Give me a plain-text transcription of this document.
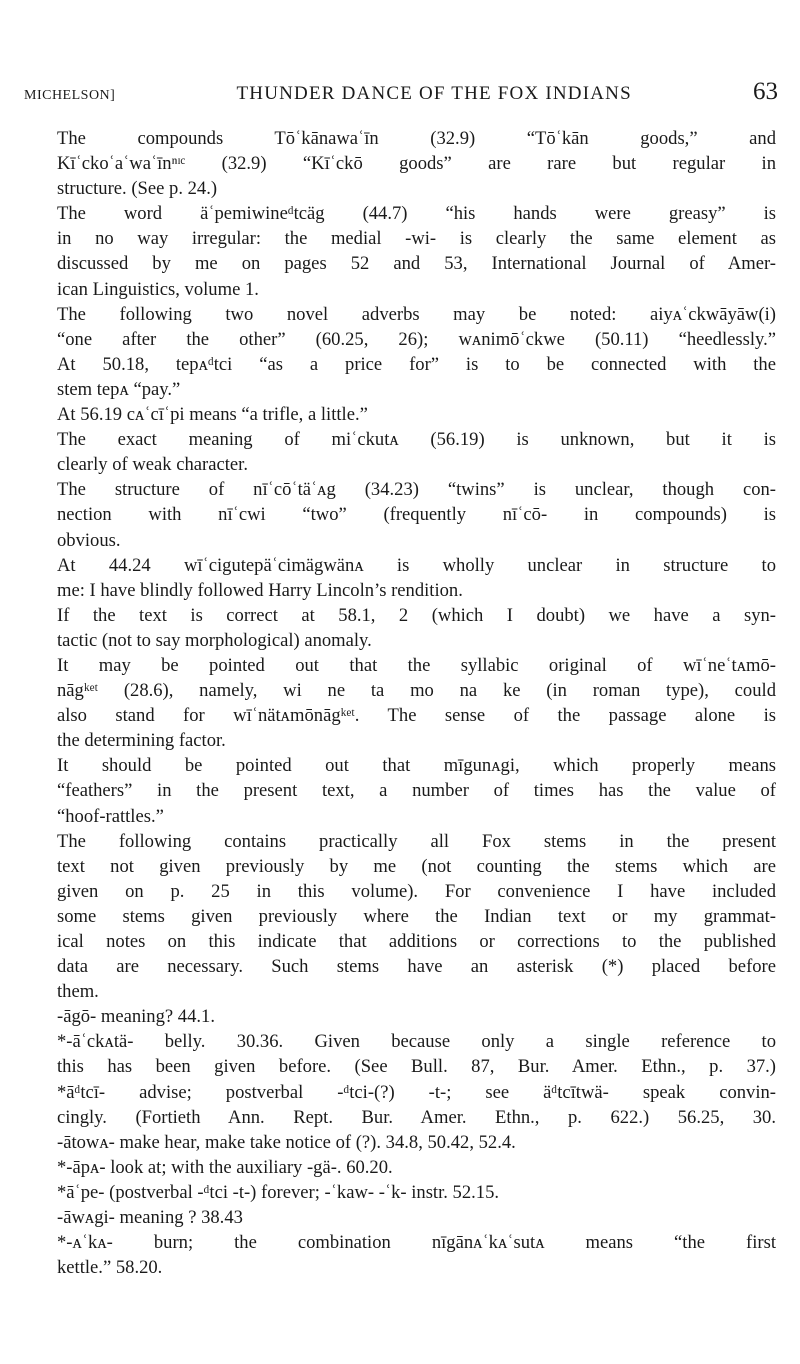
MICHELSON]	THUNDER DANCE OF THE FOX INDIANS	63
The compounds Tōʿkānawaʿīn (32.9) “Tōʿkān goods,” and
Kīʿckoʿaʿwaʿīnⁿᶦᶜ (32.9) “Kīʿckō goods” are rare but regular in
structure. (See p. 24.)
The word äʿpemiwineᵈtcäg (44.7) “his hands were greasy” is
in no way irregular: the medial -wi- is clearly the same element as
discussed by me on pages 52 and 53, International Journal of Amer-
ican Linguistics, volume 1.
The following two novel adverbs may be noted: aiyᴀʿckwāyāw(i)
“one after the other” (60.25, 26); wᴀnimōʿckwe (50.11) “heedlessly.”
At 50.18, tepᴀᵈtci “as a price for” is to be connected with the
stem tepᴀ “pay.”
At 56.19 cᴀʿcīʿpi means “a trifle, a little.”
The exact meaning of miʿckutᴀ (56.19) is unknown, but it is
clearly of weak character.
The structure of nīʿcōʿtäʿᴀg (34.23) “twins” is unclear, though con-
nection with nīʿcwi “two” (frequently nīʿcō- in compounds) is
obvious.
At 44.24 wīʿcigutepäʿcimägwänᴀ is wholly unclear in structure to
me: I have blindly followed Harry Lincoln’s rendition.
If the text is correct at 58.1, 2 (which I doubt) we have a syn-
tactic (not to say morphological) anomaly.
It may be pointed out that the syllabic original of wīʿneʿtᴀmō-
nāgᵏᵉᵗ (28.6), namely, wi ne ta mo na ke (in roman type), could
also stand for wīʿnätᴀmōnāgᵏᵉᵗ. The sense of the passage alone is
the determining factor.
It should be pointed out that mīgunᴀgi, which properly means
“feathers” in the present text, a number of times has the value of
“hoof-rattles.”
The following contains practically all Fox stems in the present
text not given previously by me (not counting the stems which are
given on p. 25 in this volume). For convenience I have included
some stems given previously where the Indian text or my grammat-
ical notes on this indicate that additions or corrections to the published
data are necessary. Such stems have an asterisk (*) placed before
them.
-āgō- meaning? 44.1.
*-āʿckᴀtä- belly. 30.36. Given because only a single reference to
this has been given before. (See Bull. 87, Bur. Amer. Ethn., p. 37.)
*āᵈtcī- advise; postverbal -ᵈtci-(?) -t-; see äᵈtcītwä- speak convin-
cingly. (Fortieth Ann. Rept. Bur. Amer. Ethn., p. 622.) 56.25, 30.
-ātowᴀ- make hear, make take notice of (?). 34.8, 50.42, 52.4.
*-āpᴀ- look at; with the auxiliary -gä-. 60.20.
*āʿpe- (postverbal -ᵈtci -t-) forever; -ʿkaw- -ʿk- instr. 52.15.
-āwᴀgi- meaning ? 38.43
*-ᴀʿkᴀ- burn; the combination nīgānᴀʿkᴀʿsutᴀ means “the first
kettle.” 58.20.
